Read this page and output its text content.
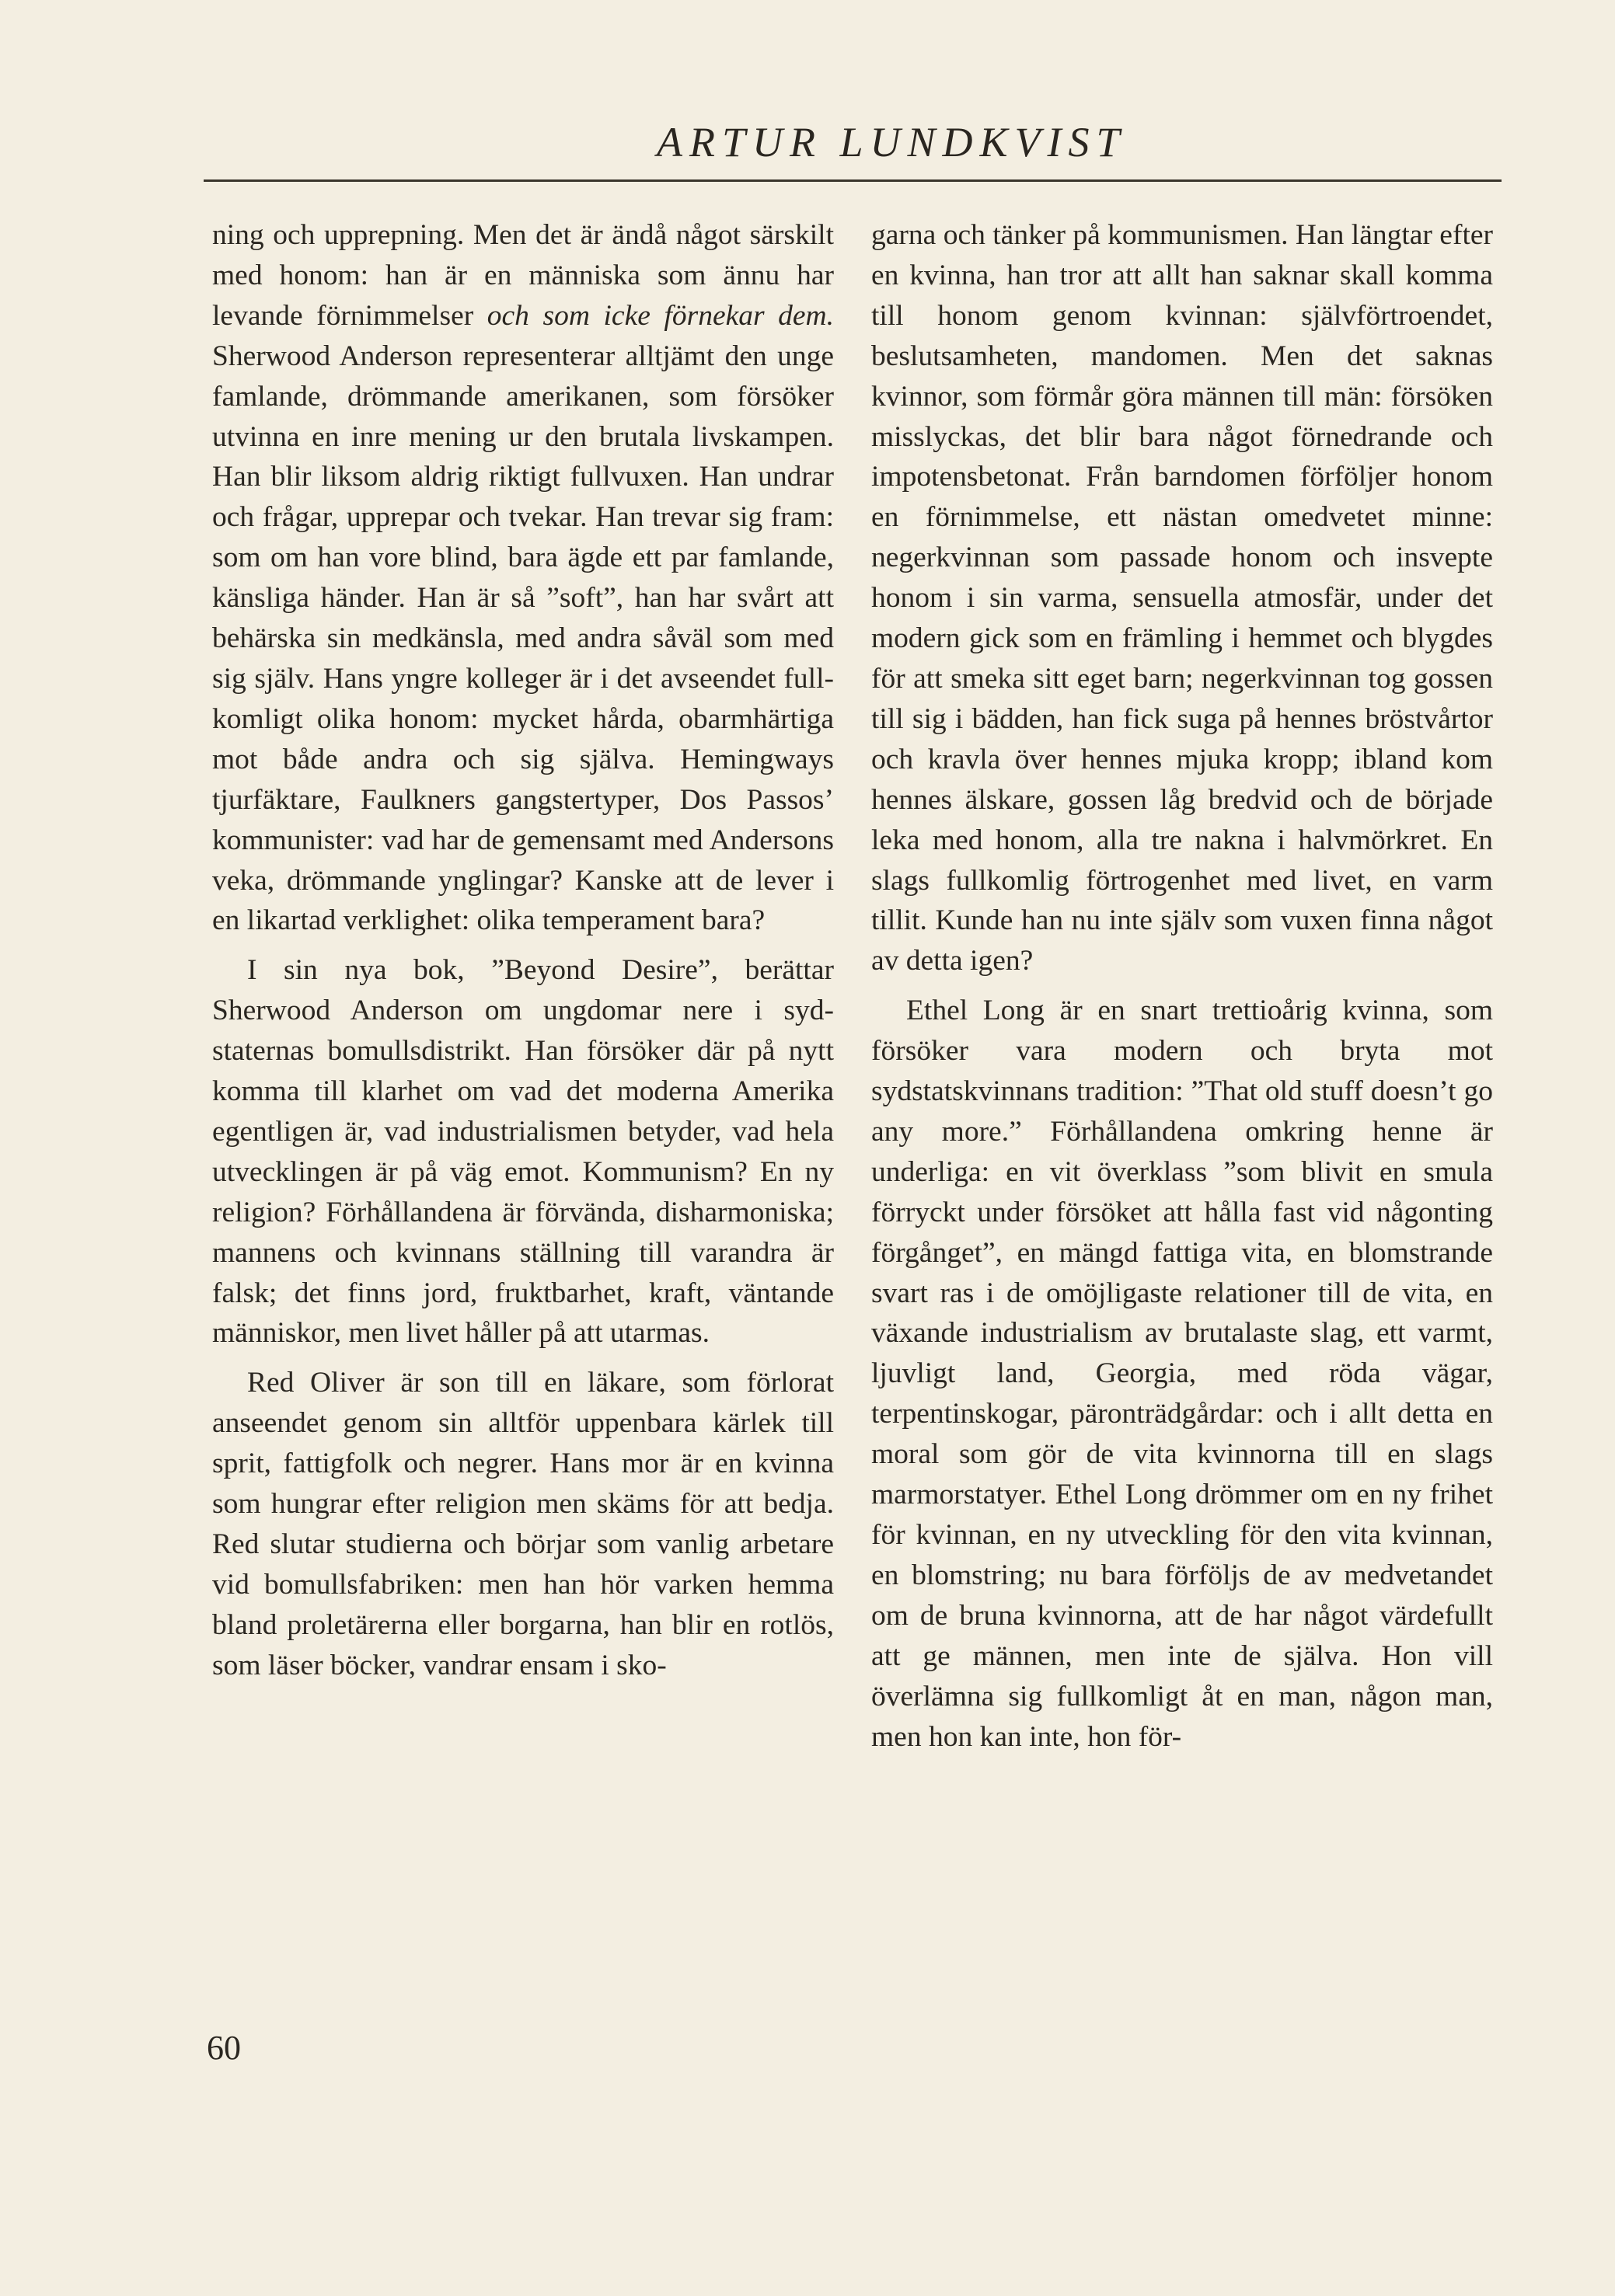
ARTUR LUNDKVIST

ning och upprepning. Men det är ändå något särskilt med honom: han är en människa som ännu har levande förnimmelser och som icke förnekar dem. Sherwood Anderson representerar alltjämt den unge famlande, drömmande amerikanen, som försöker utvinna en inre mening ur den brutala livskampen. Han blir liksom aldrig riktigt fullvuxen. Han undrar och frågar, upprepar och tvekar. Han trevar sig fram: som om han vore blind, bara ägde ett par famlande, känsliga händer. Han är så ”soft”, han har svårt att behärska sin medkänsla, med andra såväl som med sig själv. Hans yngre kolleger är i det avseendet fullkomligt olika honom: mycket hårda, obarmhärtiga mot både andra och sig själva. Hemingways tjurfäktare, Faulkners gangstertyper, Dos Passos’ kommunister: vad har de gemensamt med Andersons veka, drömmande ynglingar? Kanske att de lever i en likartad verklighet: olika temperament bara?

I sin nya bok, ”Beyond Desire”, berättar Sherwood Anderson om ungdomar nere i sydstaternas bomullsdistrikt. Han försöker där på nytt komma till klarhet om vad det moderna Amerika egentligen är, vad industrialismen betyder, vad hela utvecklingen är på väg emot. Kommunism? En ny religion? Förhållandena är förvända, disharmoniska; mannens och kvinnans ställning till varandra är falsk; det finns jord, fruktbarhet, kraft, väntande människor, men livet håller på att utarmas.

Red Oliver är son till en läkare, som förlorat anseendet genom sin alltför uppenbara kärlek till sprit, fattigfolk och negrer. Hans mor är en kvinna som hungrar efter religion men skäms för att bedja. Red slutar studierna och börjar som vanlig arbetare vid bomullsfabriken: men han hör varken hemma bland proletärerna eller borgarna, han blir en rotlös, som läser böcker, vandrar ensam i sko-

garna och tänker på kommunismen. Han längtar efter en kvinna, han tror att allt han saknar skall komma till honom genom kvinnan: självförtroendet, beslutsamheten, mandomen. Men det saknas kvinnor, som förmår göra männen till män: försöken misslyckas, det blir bara något förnedrande och impotensbetonat. Från barndomen förföljer honom en förnimmelse, ett nästan omedvetet minne: negerkvinnan som passade honom och insvepte honom i sin varma, sensuella atmosfär, under det modern gick som en främling i hemmet och blygdes för att smeka sitt eget barn; negerkvinnan tog gossen till sig i bädden, han fick suga på hennes bröstvårtor och kravla över hennes mjuka kropp; ibland kom hennes älskare, gossen låg bredvid och de började leka med honom, alla tre nakna i halvmörkret. En slags fullkomlig förtrogenhet med livet, en varm tillit. Kunde han nu inte själv som vuxen finna något av detta igen?

Ethel Long är en snart trettioårig kvinna, som försöker vara modern och bryta mot sydstatskvinnans tradition: ”That old stuff doesn’t go any more.” Förhållandena omkring henne är underliga: en vit överklass ”som blivit en smula förryckt under försöket att hålla fast vid någonting förgånget”, en mängd fattiga vita, en blomstrande svart ras i de omöjligaste relationer till de vita, en växande industrialism av brutalaste slag, ett varmt, ljuvligt land, Georgia, med röda vägar, terpentinskogar, päronträdgårdar: och i allt detta en moral som gör de vita kvinnorna till en slags marmorstatyer. Ethel Long drömmer om en ny frihet för kvinnan, en ny utveckling för den vita kvinnan, en blomstring; nu bara förföljs de av medvetandet om de bruna kvinnorna, att de har något värdefullt att ge männen, men inte de själva. Hon vill överlämna sig fullkomligt åt en man, någon man, men hon kan inte, hon för-

60
